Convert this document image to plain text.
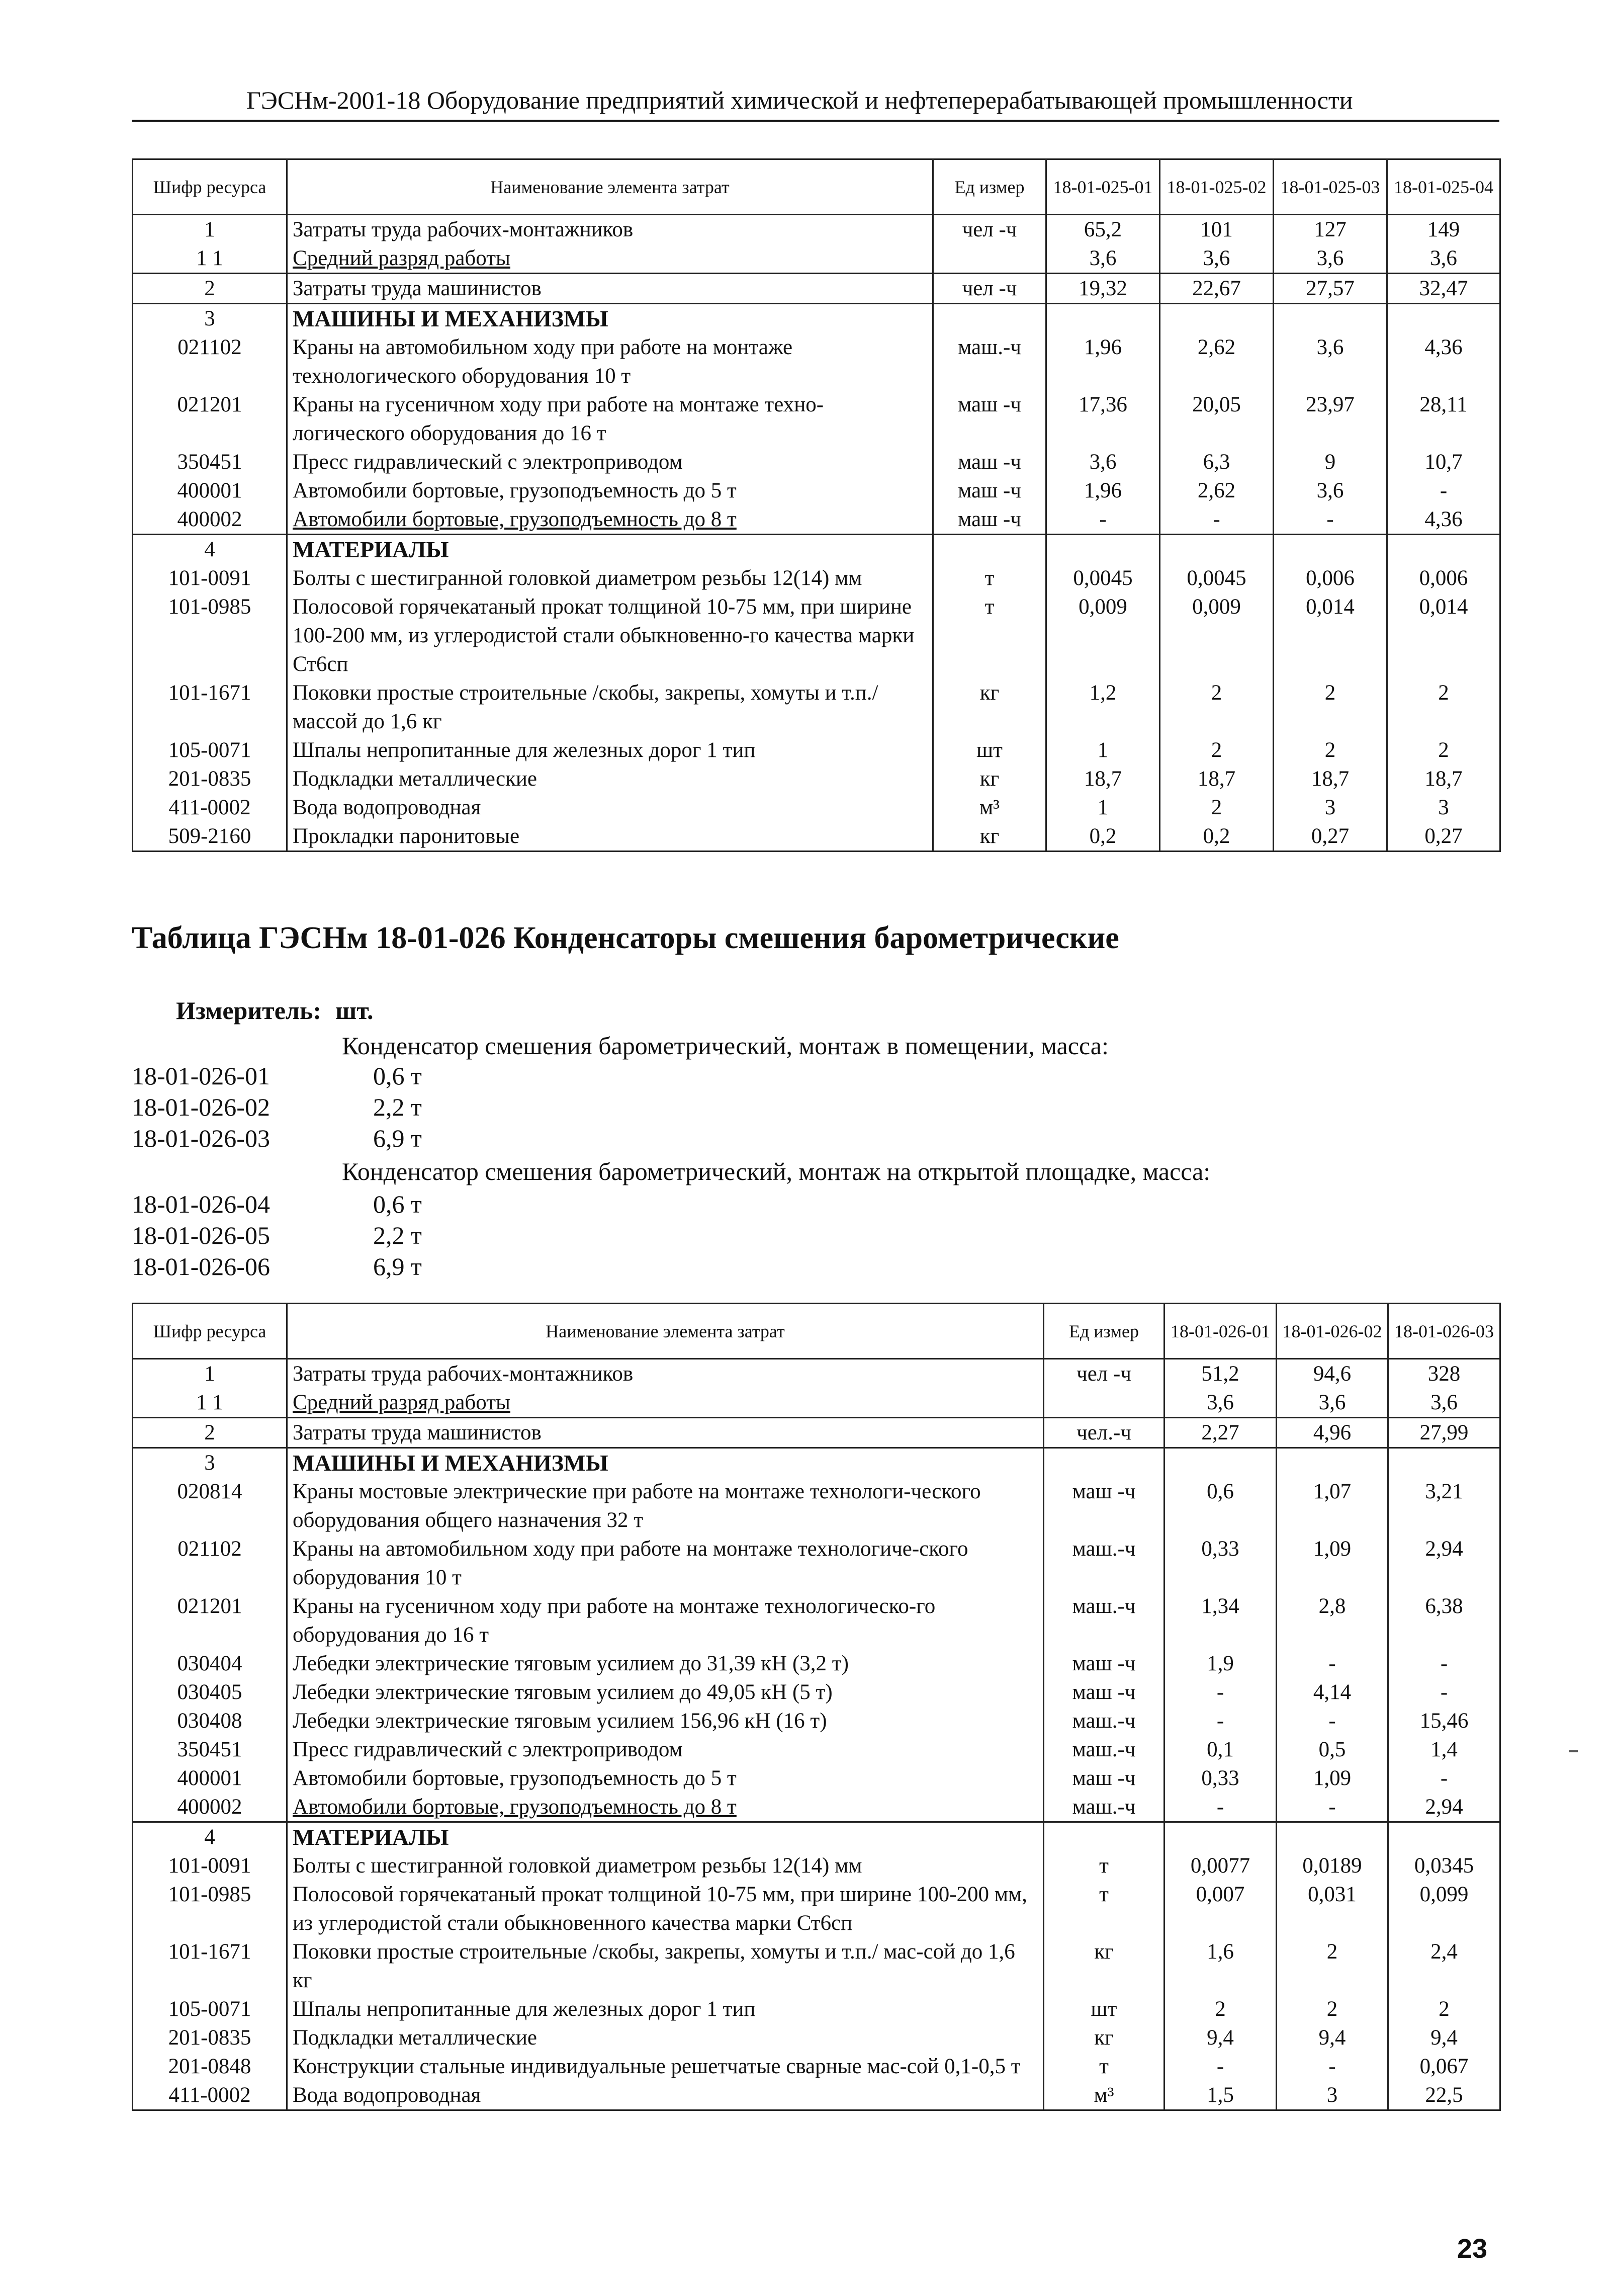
ГЭСНм-2001-18 Оборудование предприятий химической и нефтеперерабатывающей промышленности
Шифр ресурса	Наименование элемента затрат	Ед измер	18-01-025-01	18-01-025-02	18-01-025-03	18-01-025-04
1	Затраты труда рабочих-монтажников	чел -ч	65,2	101	127	149
1 1	Средний разряд работы		3,6	3,6	3,6	3,6
2	Затраты труда машинистов	чел -ч	19,32	22,67	27,57	32,47
3	МАШИНЫ И МЕХАНИЗМЫ					
021102	Краны на автомобильном ходу при работе на монтаже технологического оборудования 10 т	маш.-ч	1,96	2,62	3,6	4,36
021201	Краны на гусеничном ходу при работе на монтаже техно-логического оборудования до 16 т	маш -ч	17,36	20,05	23,97	28,11
350451	Пресс гидравлический с электроприводом	маш -ч	3,6	6,3	9	10,7
400001	Автомобили бортовые, грузоподъемность до 5 т	маш -ч	1,96	2,62	3,6	-
400002	Автомобили бортовые, грузоподъемность до 8 т	маш -ч	-	-	-	4,36
4	МАТЕРИАЛЫ					
101-0091	Болты с шестигранной головкой диаметром резьбы 12(14) мм	т	0,0045	0,0045	0,006	0,006
101-0985	Полосовой горячекатаный прокат толщиной 10-75 мм, при ширине 100-200 мм, из углеродистой стали обыкновенно-го качества марки Ст6сп	т	0,009	0,009	0,014	0,014
101-1671	Поковки простые строительные /скобы, закрепы, хомуты и т.п./ массой до 1,6 кг	кг	1,2	2	2	2
105-0071	Шпалы непропитанные для железных дорог 1 тип	шт	1	2	2	2
201-0835	Подкладки металлические	кг	18,7	18,7	18,7	18,7
411-0002	Вода водопроводная	м³	1	2	3	3
509-2160	Прокладки паронитовые	кг	0,2	0,2	0,27	0,27
Таблица ГЭСНм 18-01-026 Конденсаторы смешения барометрические
Измеритель: шт.
Конденсатор смешения барометрический, монтаж в помещении, масса:
18-01-026-01	0,6 т
18-01-026-02	2,2 т
18-01-026-03	6,9 т
Конденсатор смешения барометрический, монтаж на открытой площадке, масса:
18-01-026-04	0,6 т
18-01-026-05	2,2 т
18-01-026-06	6,9 т
Шифр ресурса	Наименование элемента затрат	Ед измер	18-01-026-01	18-01-026-02	18-01-026-03
1	Затраты труда рабочих-монтажников	чел -ч	51,2	94,6	328
1 1	Средний разряд работы		3,6	3,6	3,6
2	Затраты труда машинистов	чел.-ч	2,27	4,96	27,99
3	МАШИНЫ И МЕХАНИЗМЫ				
020814	Краны мостовые электрические при работе на монтаже технологи-ческого оборудования общего назначения 32 т	маш -ч	0,6	1,07	3,21
021102	Краны на автомобильном ходу при работе на монтаже технологиче-ского оборудования 10 т	маш.-ч	0,33	1,09	2,94
021201	Краны на гусеничном ходу при работе на монтаже технологическо-го оборудования до 16 т	маш.-ч	1,34	2,8	6,38
030404	Лебедки электрические тяговым усилием до 31,39 кН (3,2 т)	маш -ч	1,9	-	-
030405	Лебедки электрические тяговым усилием до 49,05 кН (5 т)	маш -ч	-	4,14	-
030408	Лебедки электрические тяговым усилием 156,96 кН (16 т)	маш.-ч	-	-	15,46
350451	Пресс гидравлический с электроприводом	маш.-ч	0,1	0,5	1,4
400001	Автомобили бортовые, грузоподъемность до 5 т	маш -ч	0,33	1,09	-
400002	Автомобили бортовые, грузоподъемность до 8 т	маш.-ч	-	-	2,94
4	МАТЕРИАЛЫ				
101-0091	Болты с шестигранной головкой диаметром резьбы 12(14) мм	т	0,0077	0,0189	0,0345
101-0985	Полосовой горячекатаный прокат толщиной 10-75 мм, при ширине 100-200 мм, из углеродистой стали обыкновенного качества марки Ст6сп	т	0,007	0,031	0,099
101-1671	Поковки простые строительные /скобы, закрепы, хомуты и т.п./ мас-сой до 1,6 кг	кг	1,6	2	2,4
105-0071	Шпалы непропитанные для железных дорог 1 тип	шт	2	2	2
201-0835	Подкладки металлические	кг	9,4	9,4	9,4
201-0848	Конструкции стальные индивидуальные решетчатые сварные мас-сой 0,1-0,5 т	т	-	-	0,067
411-0002	Вода водопроводная	м³	1,5	3	22,5
23
